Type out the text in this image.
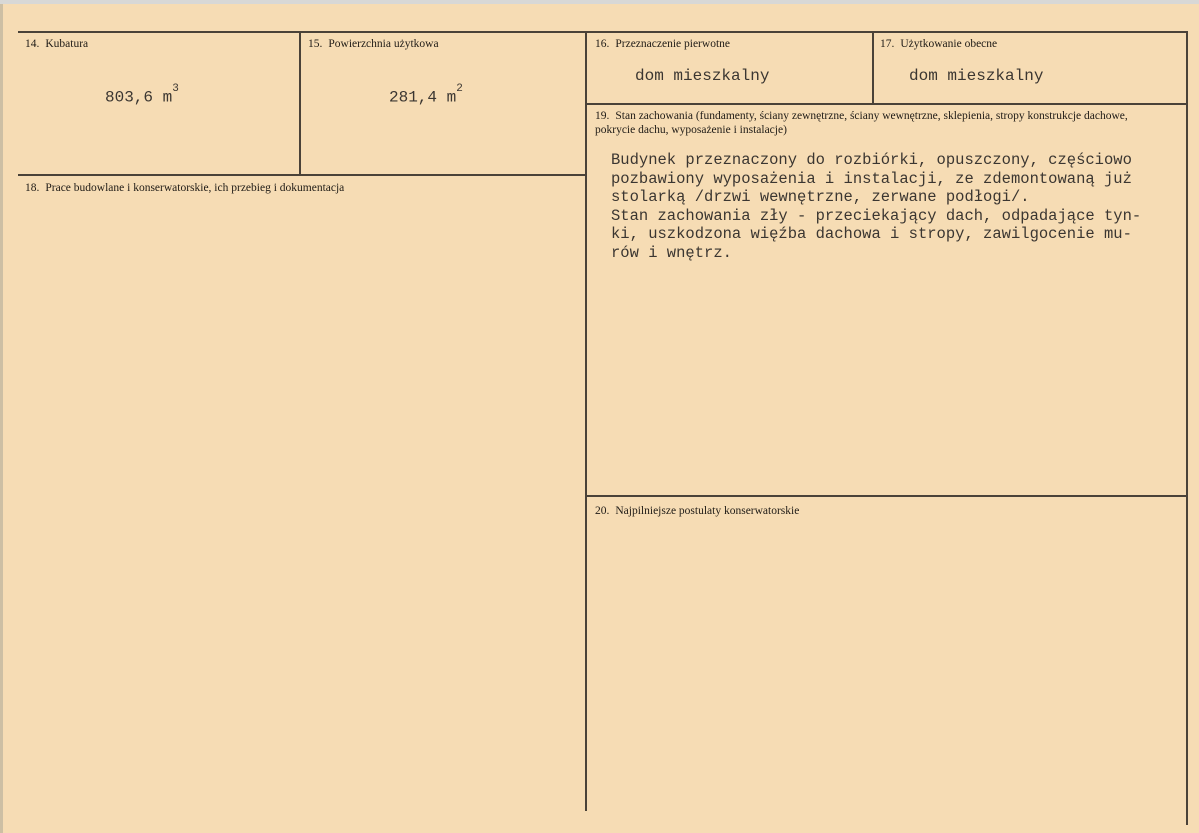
14. Kubatura
803,6 $m^3$
15. Powierzchnia użytkowa
281,4 $m^2$
16. Przeznaczenie pierwotne
dom mieszkalny
17. Użytkowanie obecne
dom mieszkalny
18. Prace budowlane i konserwatorskie, ich przebieg i dokumentacja
19. Stan zachowania (fundamenty, ściany zewnętrzne, ściany wewnętrzne, sklepienia, stropy konstrukcje dachowe, pokrycie dachu, wyposażenie i instalacje)
Budynek przeznaczony do rozbiórki, opuszczony, częściowo
pozbawiony wyposażenia i instalacji, ze zdemontowaną już
stolarką /drzwi wewnętrzne, zerwane podłogi/.
Stan zachowania zły - przeciekający dach, odpadające tyn-
ki, uszkodzona więźba dachowa i stropy, zawilgocenie mu-
rów i wnętrz.
20. Najpilniejsze postulaty konserwatorskie
